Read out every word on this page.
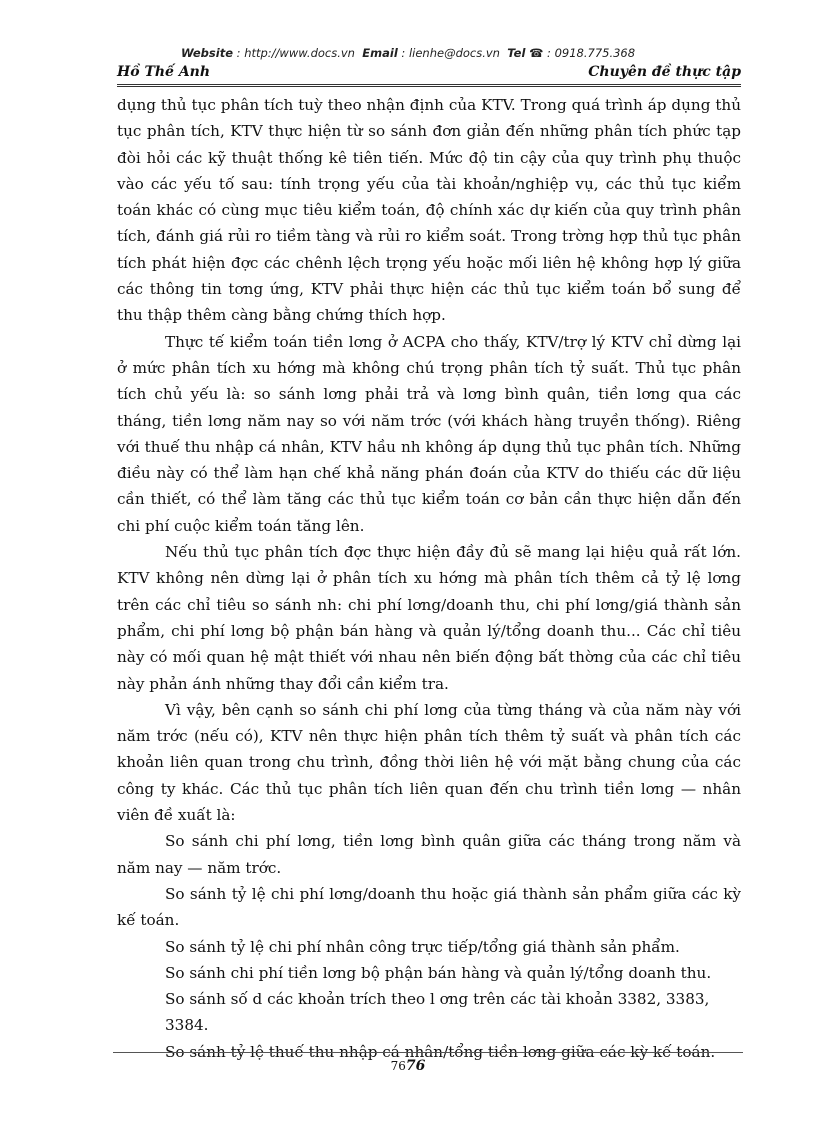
Website : http://www.docs.vn Email : lienhe@docs.vn Tel ☎ : 0918.775.368
Hồ Thế Anh	Chuyên đề thực tập

dụng thủ tục phân tích tuỳ theo nhận định của KTV. Trong quá trình áp dụng thủ tục phân tích, KTV thực hiện từ so sánh đơn giản đến những phân tích phức tạp đòi hỏi các kỹ thuật thống kê tiên tiến. Mức độ tin cậy của quy trình phụ thuộc vào các yếu tố sau: tính trọng yếu của tài khoản/nghiệp vụ, các thủ tục kiểm toán khác có cùng mục tiêu kiểm toán, độ chính xác dự kiến của quy trình phân tích, đánh giá rủi ro tiềm tàng và rủi ro kiểm soát. Trong trờng hợp thủ tục phân tích phát hiện đợc các chênh lệch trọng yếu hoặc mối liên hệ không hợp lý giữa các thông tin tơng ứng, KTV phải thực hiện các thủ tục kiểm toán bổ sung để thu thập thêm càng bằng chứng thích hợp.

Thực tế kiểm toán tiền lơng ở ACPA cho thấy, KTV/trợ lý KTV chỉ dừng lại ở mức phân tích xu hớng mà không chú trọng phân tích tỷ suất. Thủ tục phân tích chủ yếu là: so sánh lơng phải trả và lơng bình quân, tiền lơng qua các tháng, tiền lơng năm nay so với năm trớc (với khách hàng truyền thống). Riêng với thuế thu nhập cá nhân, KTV hầu nh không áp dụng thủ tục phân tích. Những điều này có thể làm hạn chế khả năng phán đoán của KTV do thiếu các dữ liệu cần thiết, có thể làm tăng các thủ tục kiểm toán cơ bản cần thực hiện dẫn đến chi phí cuộc kiểm toán tăng lên.

Nếu thủ tục phân tích đợc thực hiện đầy đủ sẽ mang lại hiệu quả rất lớn. KTV không nên dừng lại ở phân tích xu hớng mà phân tích thêm cả tỷ lệ lơng trên các chỉ tiêu so sánh nh: chi phí lơng/doanh thu, chi phí lơng/giá thành sản phẩm, chi phí lơng bộ phận bán hàng và quản lý/tổng doanh thu... Các chỉ tiêu này có mối quan hệ mật thiết với nhau nên biến động bất thờng của các chỉ tiêu này phản ánh những thay đổi cần kiểm tra.

Vì vậy, bên cạnh so sánh chi phí lơng của từng tháng và của năm này với năm trớc (nếu có), KTV nên thực hiện phân tích thêm tỷ suất và phân tích các khoản liên quan trong chu trình, đồng thời liên hệ với mặt bằng chung của các công ty khác. Các thủ tục phân tích liên quan đến chu trình tiền lơng — nhân viên đề xuất là:

So sánh chi phí lơng, tiền lơng bình quân giữa các tháng trong năm và năm nay — năm trớc.

So sánh tỷ lệ chi phí lơng/doanh thu hoặc giá thành sản phẩm giữa các kỳ kế toán.

So sánh tỷ lệ chi phí nhân công trực tiếp/tổng giá thành sản phẩm.

So sánh chi phí tiền lơng bộ phận bán hàng và quản lý/tổng doanh thu.

So sánh số d các khoản trích theo l ơng trên các tài khoản 3382, 3383, 3384.

So sánh tỷ lệ thuế thu nhập cá nhân/tổng tiền lơng giữa các kỳ kế toán.

7676
